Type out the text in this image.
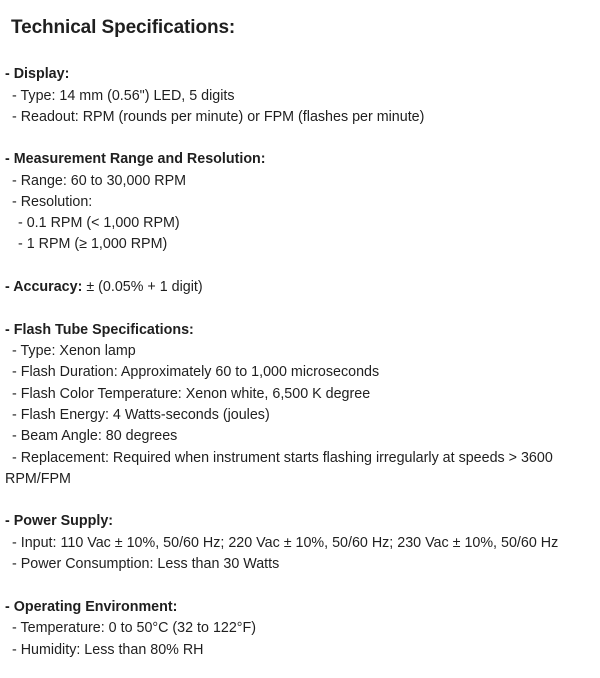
Technical Specifications:
- Display:
- Type: 14 mm (0.56") LED, 5 digits
- Readout: RPM (rounds per minute) or FPM (flashes per minute)
- Measurement Range and Resolution:
- Range: 60 to 30,000 RPM
- Resolution:
- 0.1 RPM (< 1,000 RPM)
- 1 RPM (≥ 1,000 RPM)
- Accuracy: ± (0.05% + 1 digit)
- Flash Tube Specifications:
- Type: Xenon lamp
- Flash Duration: Approximately 60 to 1,000 microseconds
- Flash Color Temperature: Xenon white, 6,500 K degree
- Flash Energy: 4 Watts-seconds (joules)
- Beam Angle: 80 degrees
- Replacement: Required when instrument starts flashing irregularly at speeds > 3600
RPM/FPM
- Power Supply:
- Input: 110 Vac ± 10%, 50/60 Hz; 220 Vac ± 10%, 50/60 Hz; 230 Vac ± 10%, 50/60 Hz
- Power Consumption: Less than 30 Watts
- Operating Environment:
- Temperature: 0 to 50°C (32 to 122°F)
- Humidity: Less than 80% RH
